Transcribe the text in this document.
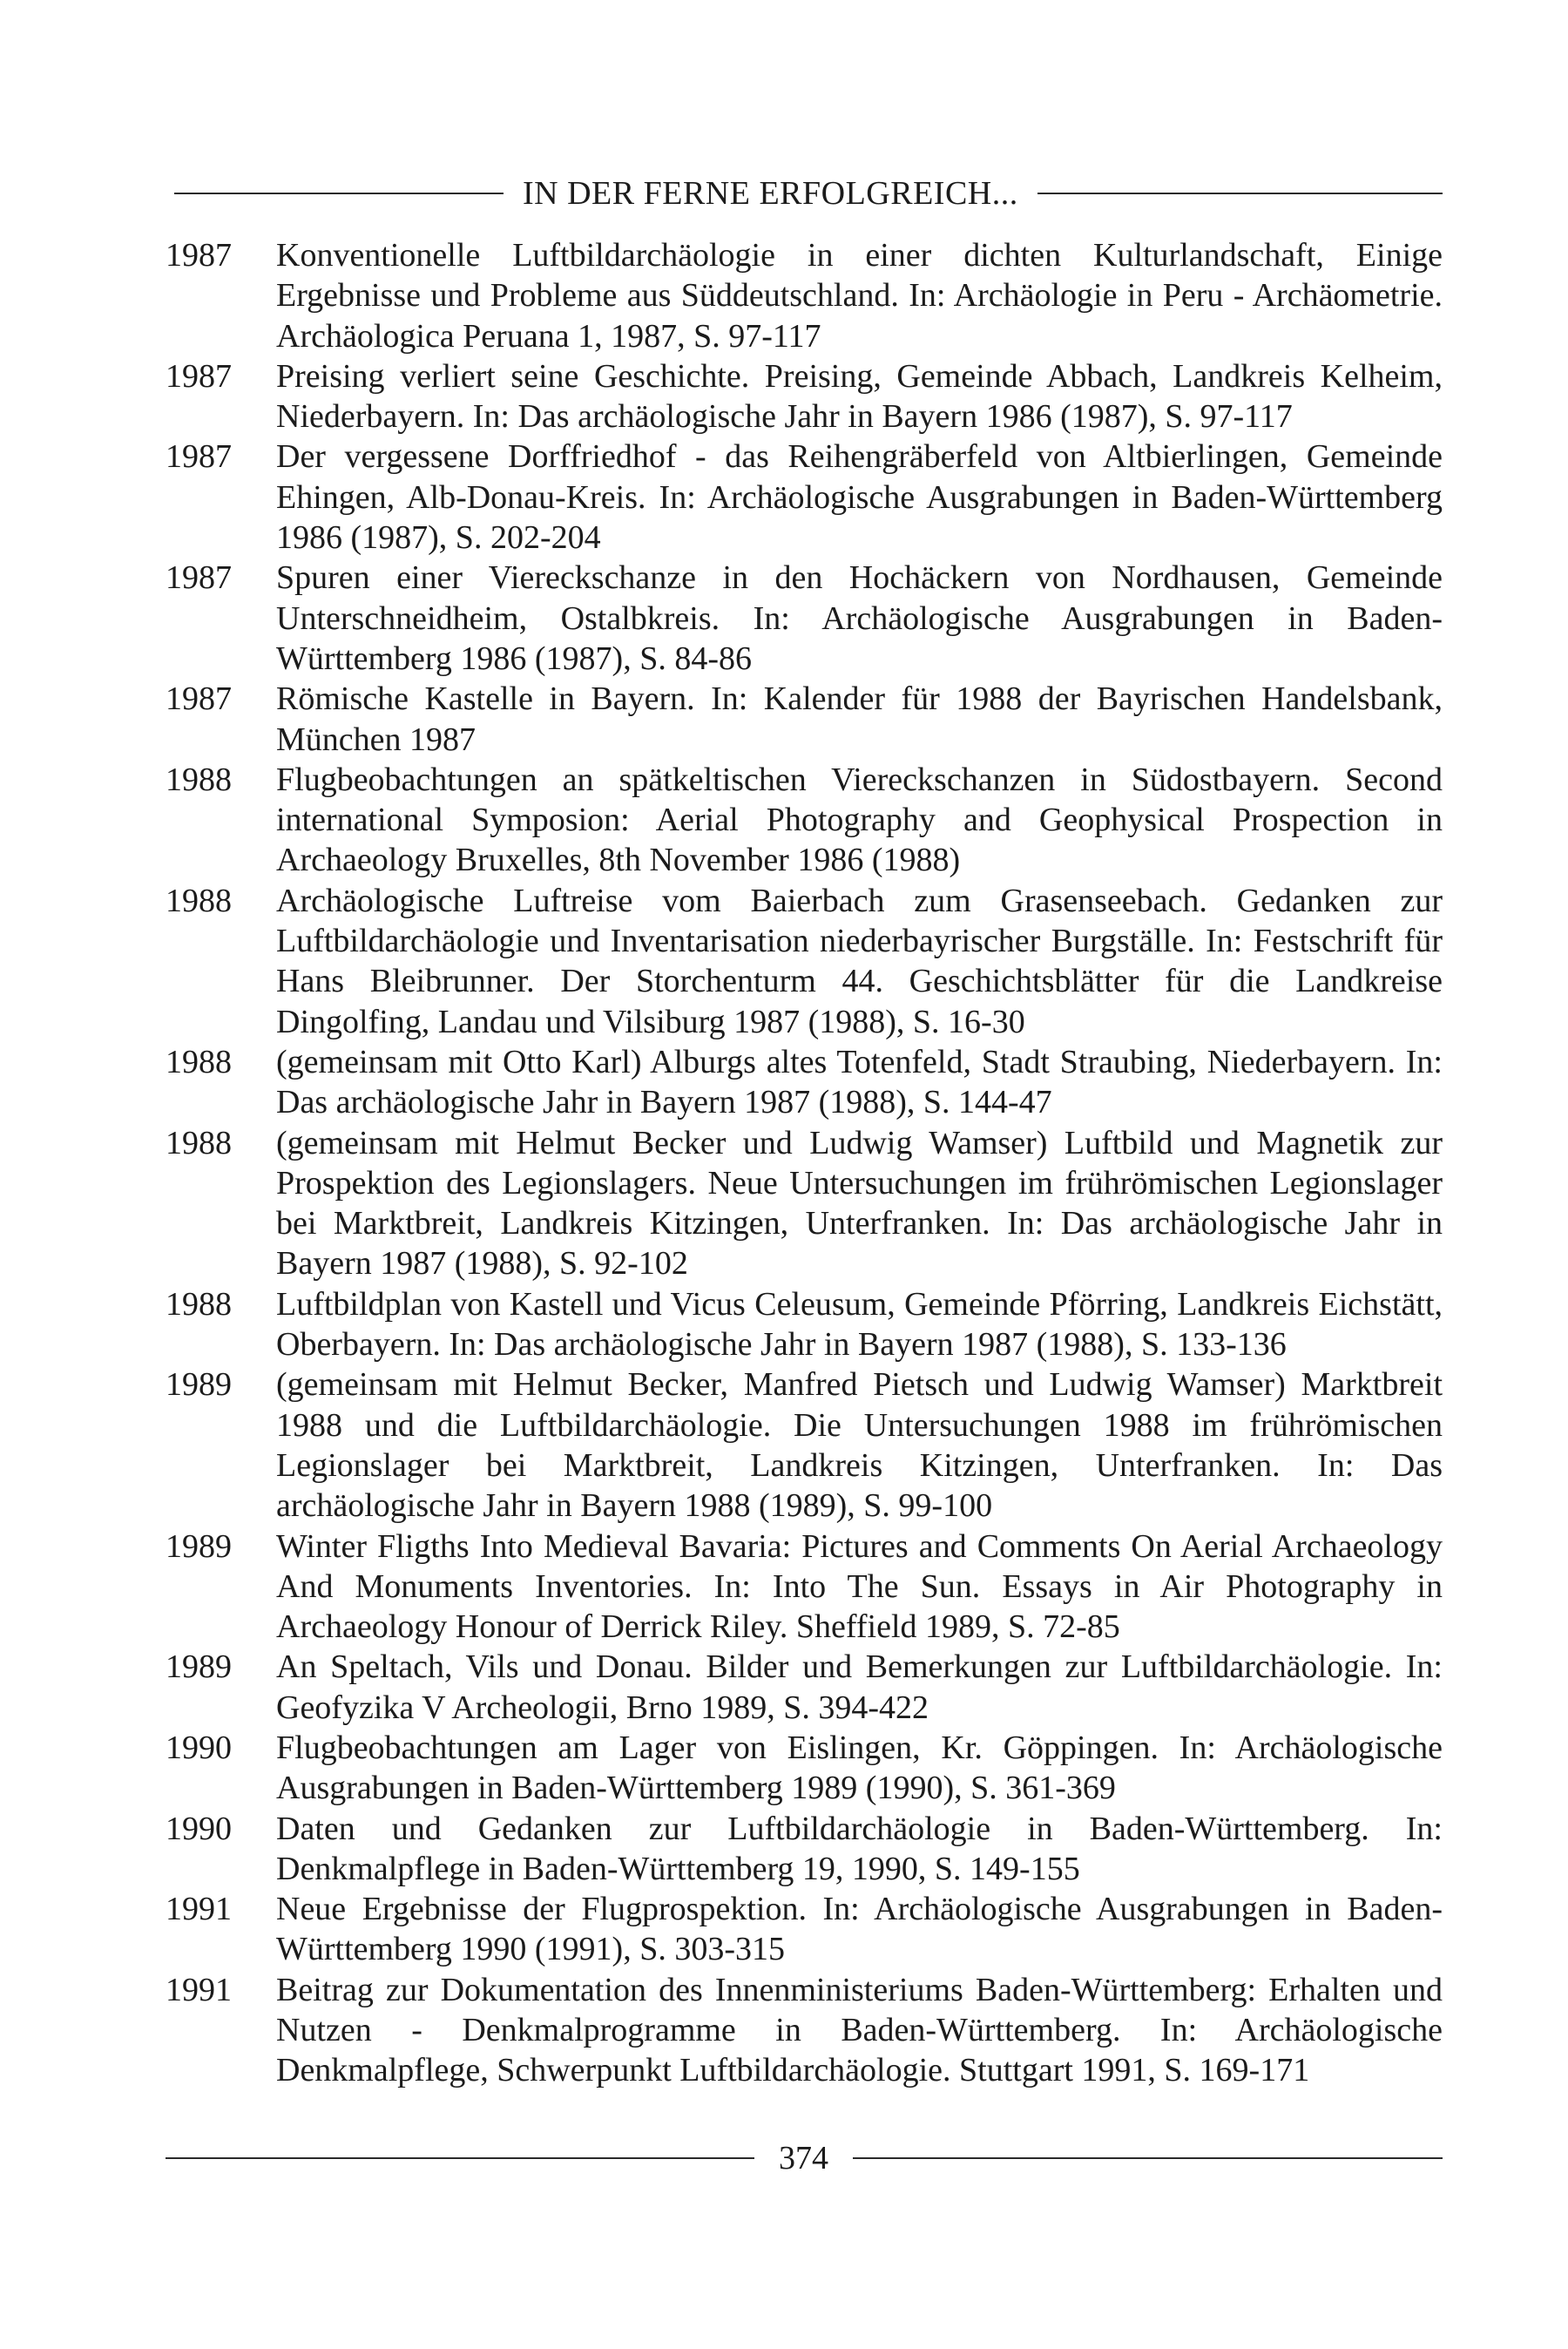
IN DER FERNE ERFOLGREICH...
1987	Konventionelle Luftbildarchäologie in einer dichten Kulturlandschaft, Einige Ergebnisse und Probleme aus Süddeutschland. In: Archäologie in Peru - Archäometrie. Archäologica Peruana 1, 1987, S. 97-117
1987	Preising verliert seine Geschichte. Preising, Gemeinde Abbach, Landkreis Kelheim, Niederbayern. In: Das archäologische Jahr in Bayern 1986 (1987), S. 97-117
1987	Der vergessene Dorffriedhof - das Reihengräberfeld von Altbierlingen, Gemeinde Ehingen, Alb-Donau-Kreis. In: Archäologische Ausgrabungen in Baden-Württemberg 1986 (1987), S. 202-204
1987	Spuren einer Viereckschanze in den Hochäckern von Nordhausen, Gemeinde Unterschneidheim, Ostalbkreis. In: Archäologische Ausgrabungen in Baden-Württemberg 1986 (1987), S. 84-86
1987	Römische Kastelle in Bayern. In: Kalender für 1988 der Bayrischen Handelsbank, München 1987
1988	Flugbeobachtungen an spätkeltischen Viereckschanzen in Südostbayern. Second international Symposion: Aerial Photography and Geophysical Prospection in Archaeology Bruxelles, 8th November 1986 (1988)
1988	Archäologische Luftreise vom Baierbach zum Grasenseebach. Gedanken zur Luftbildarchäologie und Inventarisation niederbayrischer Burgställe. In: Festschrift für Hans Bleibrunner. Der Storchenturm 44. Geschichtsblätter für die Landkreise Dingolfing, Landau und Vilsiburg 1987 (1988), S. 16-30
1988	(gemeinsam mit Otto Karl) Alburgs altes Totenfeld, Stadt Straubing, Niederbayern. In: Das archäologische Jahr in Bayern 1987 (1988), S. 144-47
1988	(gemeinsam mit Helmut Becker und Ludwig Wamser) Luftbild und Magnetik zur Prospektion des Legionslagers. Neue Untersuchungen im frührömischen Legionslager bei Marktbreit, Landkreis Kitzingen, Unterfranken. In: Das archäologische Jahr in Bayern 1987 (1988), S. 92-102
1988	Luftbildplan von Kastell und Vicus Celeusum, Gemeinde Pförring, Landkreis Eichstätt, Oberbayern. In: Das archäologische Jahr in Bayern 1987 (1988), S. 133-136
1989	(gemeinsam mit Helmut Becker, Manfred Pietsch und Ludwig Wamser) Marktbreit 1988 und die Luftbildarchäologie. Die Untersuchungen 1988 im frührömischen Legionslager bei Marktbreit, Landkreis Kitzingen, Unterfranken. In: Das archäologische Jahr in Bayern 1988 (1989), S. 99-100
1989	Winter Fligths Into Medieval Bavaria: Pictures and Comments On Aerial Archaeology And Monuments Inventories. In: Into The Sun. Essays in Air Photography in Archaeology Honour of Derrick Riley. Sheffield 1989, S. 72-85
1989	An Speltach, Vils und Donau. Bilder und Bemerkungen zur Luftbildarchäologie. In: Geofyzika V Archeologii, Brno 1989, S. 394-422
1990	Flugbeobachtungen am Lager von Eislingen, Kr. Göppingen. In: Archäologische Ausgrabungen in Baden-Württemberg 1989 (1990), S. 361-369
1990	Daten und Gedanken zur Luftbildarchäologie in Baden-Württemberg. In: Denkmalpflege in Baden-Württemberg 19, 1990, S. 149-155
1991	Neue Ergebnisse der Flugprospektion. In: Archäologische Ausgrabungen in Baden-Württemberg 1990 (1991), S. 303-315
1991	Beitrag zur Dokumentation des Innenministeriums Baden-Württemberg: Erhalten und Nutzen - Denkmalprogramme in Baden-Württemberg. In: Archäologische Denkmalpflege, Schwerpunkt Luftbildarchäologie. Stuttgart 1991, S. 169-171
374
